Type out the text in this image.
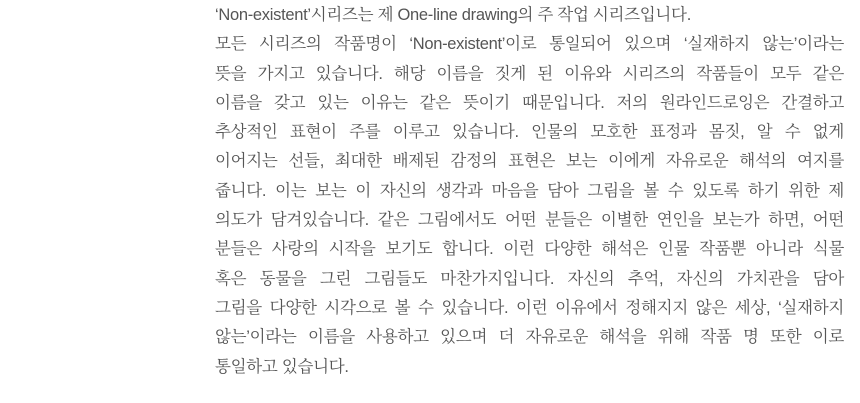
‘Non-existent’시리즈는 제 One-line drawing의 주 작업 시리즈입니다.

모든 시리즈의 작품명이 ‘Non-existent’이로 통일되어 있으며 ‘실재하지 않는’이라는

뜻을 가지고 있습니다. 해당 이름을 짓게 된 이유와 시리즈의 작품들이 모두 같은

이름을 갖고 있는 이유는 같은 뜻이기 때문입니다. 저의 원라인드로잉은 간결하고

추상적인 표현이 주를 이루고 있습니다. 인물의 모호한 표정과 몸짓, 알 수 없게

이어지는 선들, 최대한 배제된 감정의 표현은 보는 이에게 자유로운 해석의 여지를

줍니다. 이는 보는 이 자신의 생각과 마음을 담아 그림을 볼 수 있도록 하기 위한 제

의도가 담겨있습니다. 같은 그림에서도 어떤 분들은 이별한 연인을 보는가 하면, 어떤

분들은 사랑의 시작을 보기도 합니다. 이런 다양한 해석은 인물 작품뿐 아니라 식물

혹은 동물을 그린 그림들도 마찬가지입니다. 자신의 추억, 자신의 가치관을 담아

그림을 다양한 시각으로 볼 수 있습니다. 이런 이유에서 정해지지 않은 세상, ‘실재하지

않는’이라는 이름을 사용하고 있으며 더 자유로운 해석을 위해 작품 명 또한 이로

통일하고 있습니다.
